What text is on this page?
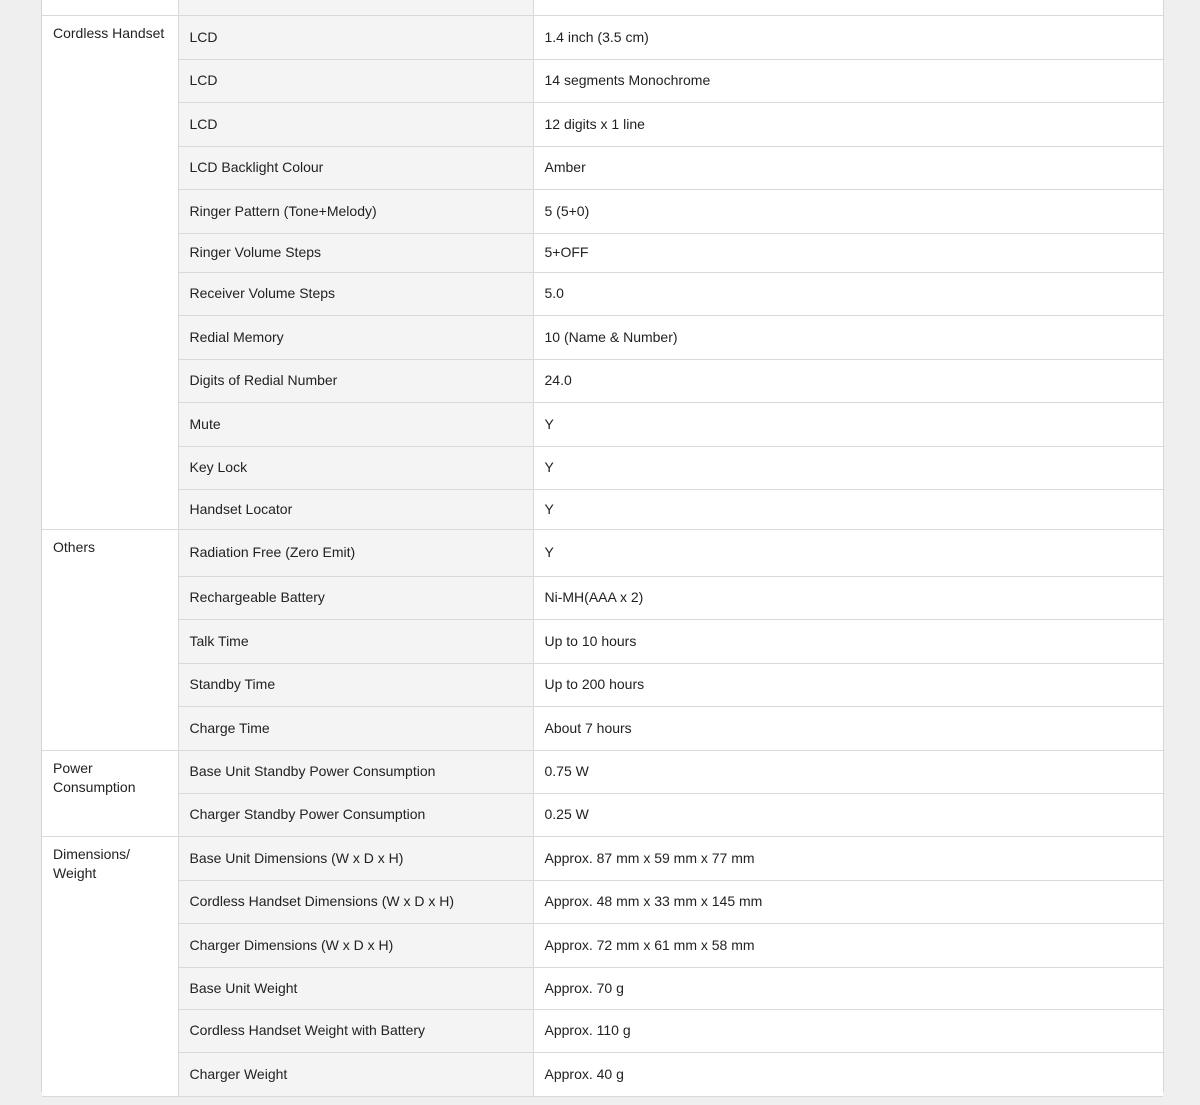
Cordless Handset	LCD	1.4 inch (3.5 cm)
	LCD	14 segments Monochrome
	LCD	12 digits x 1 line
	LCD Backlight Colour	Amber
	Ringer Pattern (Tone+Melody)	5 (5+0)
	Ringer Volume Steps	5+OFF
	Receiver Volume Steps	5.0
	Redial Memory	10 (Name & Number)
	Digits of Redial Number	24.0
	Mute	Y
	Key Lock	Y
	Handset Locator	Y
Others	Radiation Free (Zero Emit)	Y
	Rechargeable Battery	Ni-MH(AAA x 2)
	Talk Time	Up to 10 hours
	Standby Time	Up to 200 hours
	Charge Time	About 7 hours
Power Consumption	Base Unit Standby Power Consumption	0.75 W
	Charger Standby Power Consumption	0.25 W
Dimensions/ Weight	Base Unit Dimensions (W x D x H)	Approx. 87 mm x 59 mm x 77 mm
	Cordless Handset Dimensions (W x D x H)	Approx. 48 mm x 33 mm x 145 mm
	Charger Dimensions (W x D x H)	Approx. 72 mm x 61 mm x 58 mm
	Base Unit Weight	Approx. 70 g
	Cordless Handset Weight with Battery	Approx. 110 g
	Charger Weight	Approx. 40 g
